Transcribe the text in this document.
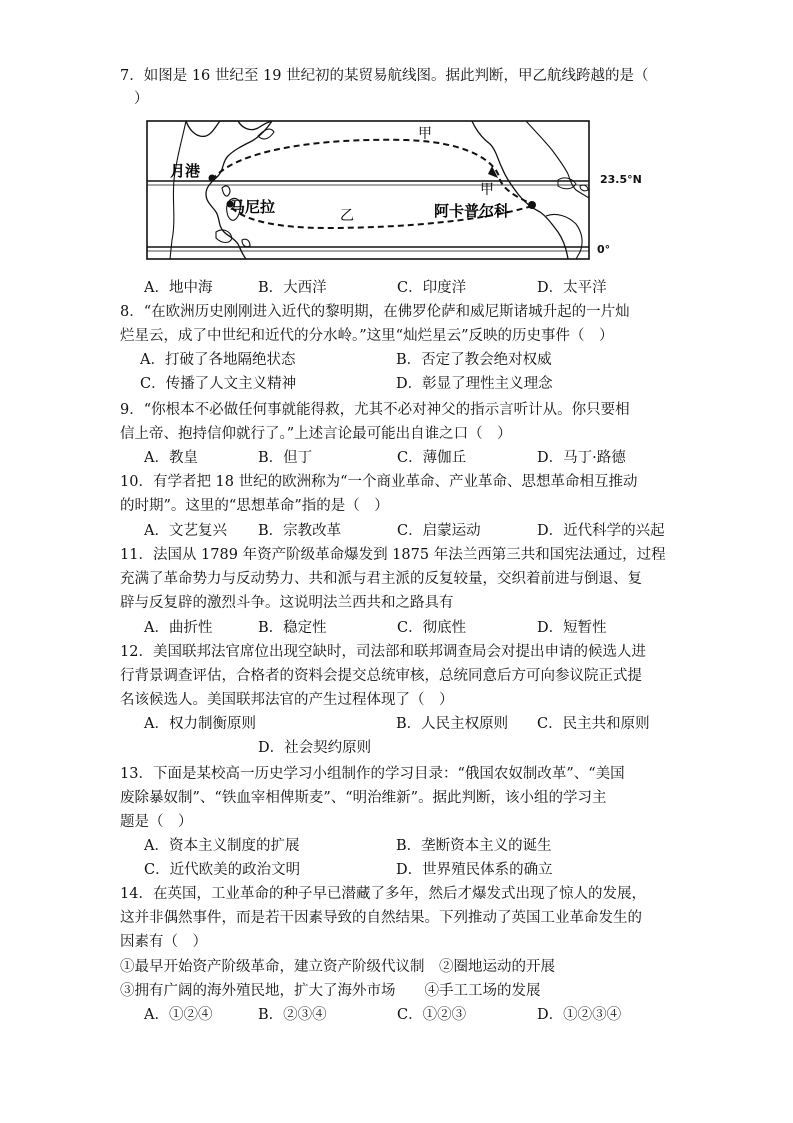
7．如图是 16 世纪至 19 世纪初的某贸易航线图。据此判断，甲乙航线跨越的是（
）
月港
马尼拉	阿卡普尔科
甲
甲
乙
23.5°N
0°
A．地中海	B．大西洋	C．印度洋	D．太平洋
8．“在欧洲历史刚刚进入近代的黎明期，在佛罗伦萨和威尼斯诸城升起的一片灿
烂星云，成了中世纪和近代的分水岭。”这里“灿烂星云”反映的历史事件（　）
A．打破了各地隔绝状态	B．否定了教会绝对权威
C．传播了人文主义精神	D．彰显了理性主义理念
9．“你根本不必做任何事就能得救，尤其不必对神父的指示言听计从。你只要相
信上帝、抱持信仰就行了。”上述言论最可能出自谁之口（　）
A．教皇	B．但丁	C．薄伽丘	D．马丁·路德
10．有学者把 18 世纪的欧洲称为“一个商业革命、产业革命、思想革命相互推动
的时期”。这里的“思想革命”指的是（　）
A．文艺复兴 B．宗教改革	C．启蒙运动	D．近代科学的兴起
11．法国从 1789 年资产阶级革命爆发到 1875 年法兰西第三共和国宪法通过，过程
充满了革命势力与反动势力、共和派与君主派的反复较量，交织着前进与倒退、复
辟与反复辟的激烈斗争。这说明法兰西共和之路具有
A．曲折性	B．稳定性	C．彻底性	D．短暂性
12．美国联邦法官席位出现空缺时，司法部和联邦调查局会对提出申请的候选人进
行背景调查评估，合格者的资料会提交总统审核，总统同意后方可向参议院正式提
名该候选人。美国联邦法官的产生过程体现了（　）
A．权力制衡原则	B．人民主权原则 C．民主共和原则
D．社会契约原则
13．下面是某校高一历史学习小组制作的学习目录：“俄国农奴制改革”、“美国
废除暴奴制”、“铁血宰相俾斯麦”、“明治维新”。据此判断，该小组的学习主
题是（　）
A．资本主义制度的扩展	B．垄断资本主义的诞生
C．近代欧美的政治文明	D．世界殖民体系的确立
14．在英国，工业革命的种子早已潜藏了多年，然后才爆发式出现了惊人的发展，
这并非偶然事件，而是若干因素导致的自然结果。下列推动了英国工业革命发生的
因素有（　）
①最早开始资产阶级革命，建立资产阶级代议制　②圈地运动的开展
③拥有广阔的海外殖民地，扩大了海外市场　　④手工工场的发展
A．①②④	B．②③④	C．①②③	D．①②③④
